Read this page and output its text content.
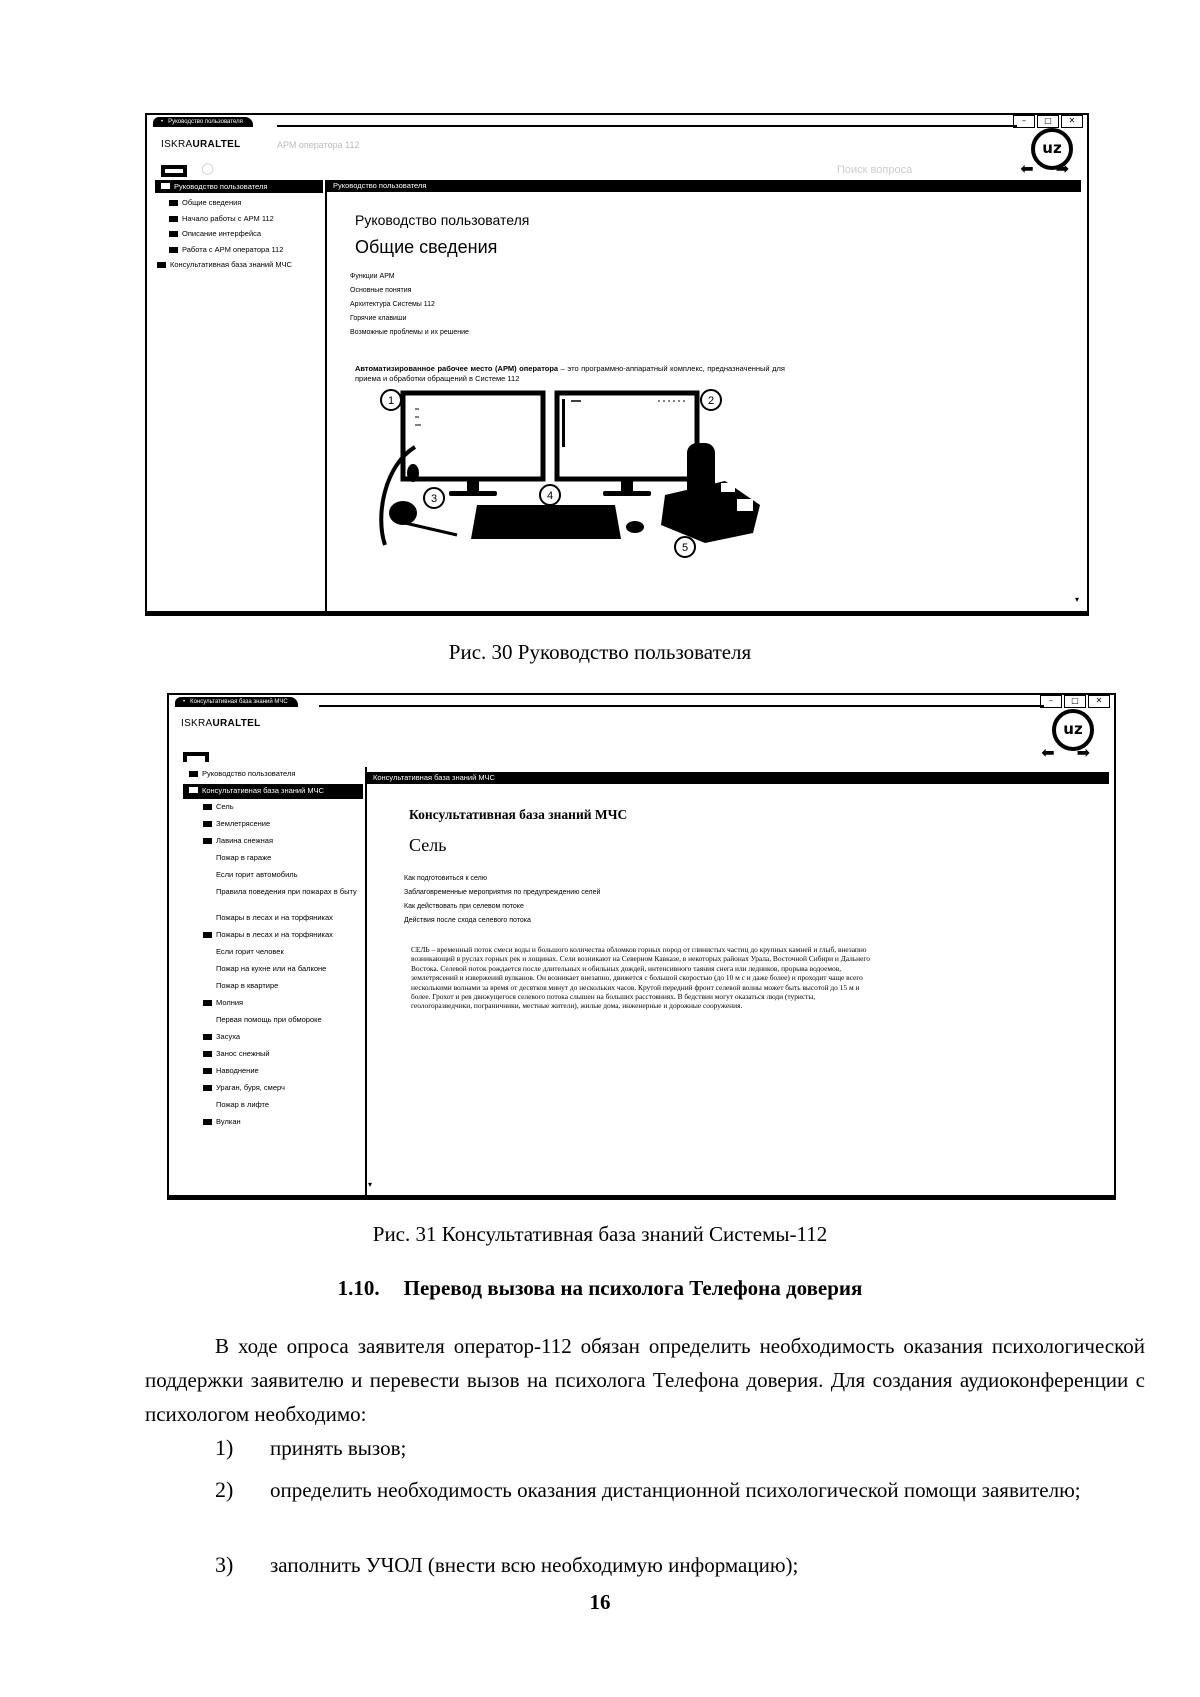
• Руководство пользователя	–	□	✕
ISKRAURALTEL	АРМ оператора 112	uz
○	Поиск вопроса	⬅ ➡
Руководство пользователя	Руководство пользователя
Общие сведения
Начало работы с АРМ 112
Описание интерфейса
Работа с АРМ оператора 112
Консультативная база знаний МЧС
Руководство пользователя
Общие сведения
Функции АРМ
Основные понятия
Архитектура Системы 112
Горячие клавиши
Возможные проблемы и их решение
Автоматизированное рабочее место (АРМ) оператора – это программно-аппаратный комплекс, предназначенный для приема и обработки обращений в Системе 112
1	2
3	4
5
▾
Рис. 30 Руководство пользователя
• Консультативная база знаний МЧС	–	□	✕
ISKRAURALTEL	uz
⬅ ➡
Консультативная база знаний МЧС
Руководство пользователя
Консультативная база знаний МЧС
Сель
Землетрясение
Лавина снежная
Пожар в гараже
Если горит автомобиль
Правила поведения при пожарах в быту
Пожары в лесах и на торфяниках
Пожары в лесах и на торфяниках
Если горит человек
Пожар на кухне или на балконе
Пожар в квартире
Молния
Первая помощь при обмороке
Засуха
Занос снежный
Наводнение
Ураган, буря, смерч
Пожар в лифте
Вулкан
▾
Консультативная база знаний МЧС
Сель
Как подготовиться к селю
Заблаговременные мероприятия по предупреждению селей
Как действовать при селевом потоке
Действия после схода селевого потока
СЕЛЬ – временный поток смеси воды и большого количества обломков горных пород от глинистых частиц до крупных камней и глыб, внезапно возникающий в руслах горных рек и лощинах. Сели возникают на Северном Кавказе, в некоторых районах Урала, Восточной Сибири и Дальнего Востока. Селевой поток рождается после длительных и обильных дождей, интенсивного таяния снега или ледников, прорыва водоемов, землетрясений и извержений вулканов. Он возникает внезапно, движется с большой скоростью (до 10 м с и даже более) и проходит чаще всего несколькими волнами за время от десятков минут до нескольких часов. Крутой передний фронт селевой волны может быть высотой до 15 м и более. Грохот и рев движущегося селевого потока слышен на больших расстояниях. В бедствии могут оказаться люди (туристы, геологоразведчики, пограничники, местные жители), жилые дома, инженерные и дорожные сооружения.
Рис. 31 Консультативная база знаний Системы-112
1.10. Перевод вызова на психолога Телефона доверия
В ходе опроса заявителя оператор-112 обязан определить необходимость оказания психологической поддержки заявителю и перевести вызов на психолога Телефона доверия. Для создания аудиоконференции с психологом необходимо:
1) принять вызов;
2)	определить необходимость оказания дистанционной психологической помощи заявителю;
3) заполнить УЧОЛ (внести всю необходимую информацию);
16
